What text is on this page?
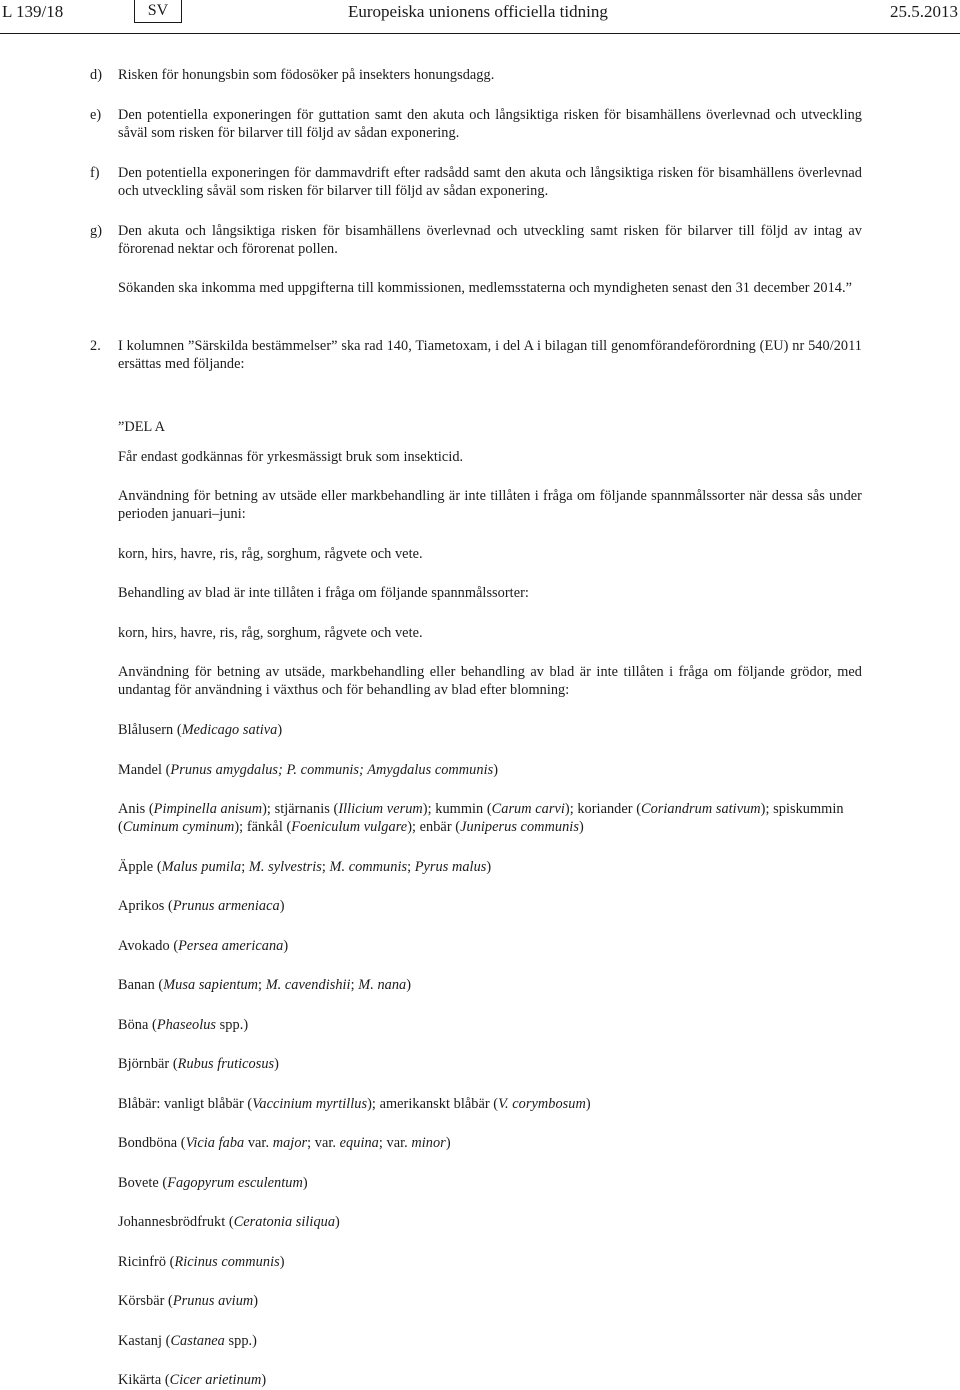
L 139/18	SV	Europeiska unionens officiella tidning	25.5.2013
d) Risken för honungsbin som födosöker på insekters honungsdagg.
e) Den potentiella exponeringen för guttation samt den akuta och långsiktiga risken för bisamhällens överlevnad och utveckling såväl som risken för bilarver till följd av sådan exponering.
f) Den potentiella exponeringen för dammavdrift efter radsådd samt den akuta och långsiktiga risken för bisamhällens överlevnad och utveckling såväl som risken för bilarver till följd av sådan exponering.
g) Den akuta och långsiktiga risken för bisamhällens överlevnad och utveckling samt risken för bilarver till följd av intag av förorenad nektar och förorenat pollen.
Sökanden ska inkomma med uppgifterna till kommissionen, medlemsstaterna och myndigheten senast den 31 december 2014.”
2. I kolumnen ”Särskilda bestämmelser” ska rad 140, Tiametoxam, i del A i bilagan till genomförandeförordning (EU) nr 540/2011 ersättas med följande:
”DEL A
Får endast godkännas för yrkesmässigt bruk som insekticid.
Användning för betning av utsäde eller markbehandling är inte tillåten i fråga om följande spannmålssorter när dessa sås under perioden januari–juni:
korn, hirs, havre, ris, råg, sorghum, rågvete och vete.
Behandling av blad är inte tillåten i fråga om följande spannmålssorter:
korn, hirs, havre, ris, råg, sorghum, rågvete och vete.
Användning för betning av utsäde, markbehandling eller behandling av blad är inte tillåten i fråga om följande grödor, med undantag för användning i växthus och för behandling av blad efter blomning:
Blålusern (Medicago sativa)
Mandel (Prunus amygdalus; P. communis; Amygdalus communis)
Anis (Pimpinella anisum); stjärnanis (Illicium verum); kummin (Carum carvi); koriander (Coriandrum sativum); spiskummin (Cuminum cyminum); fänkål (Foeniculum vulgare); enbär (Juniperus communis)
Äpple (Malus pumila; M. sylvestris; M. communis; Pyrus malus)
Aprikos (Prunus armeniaca)
Avokado (Persea americana)
Banan (Musa sapientum; M. cavendishii; M. nana)
Böna (Phaseolus spp.)
Björnbär (Rubus fruticosus)
Blåbär: vanligt blåbär (Vaccinium myrtillus); amerikanskt blåbär (V. corymbosum)
Bondböna (Vicia faba var. major; var. equina; var. minor)
Bovete (Fagopyrum esculentum)
Johannesbrödfrukt (Ceratonia siliqua)
Ricinfrö (Ricinus communis)
Körsbär (Prunus avium)
Kastanj (Castanea spp.)
Kikärta (Cicer arietinum)
